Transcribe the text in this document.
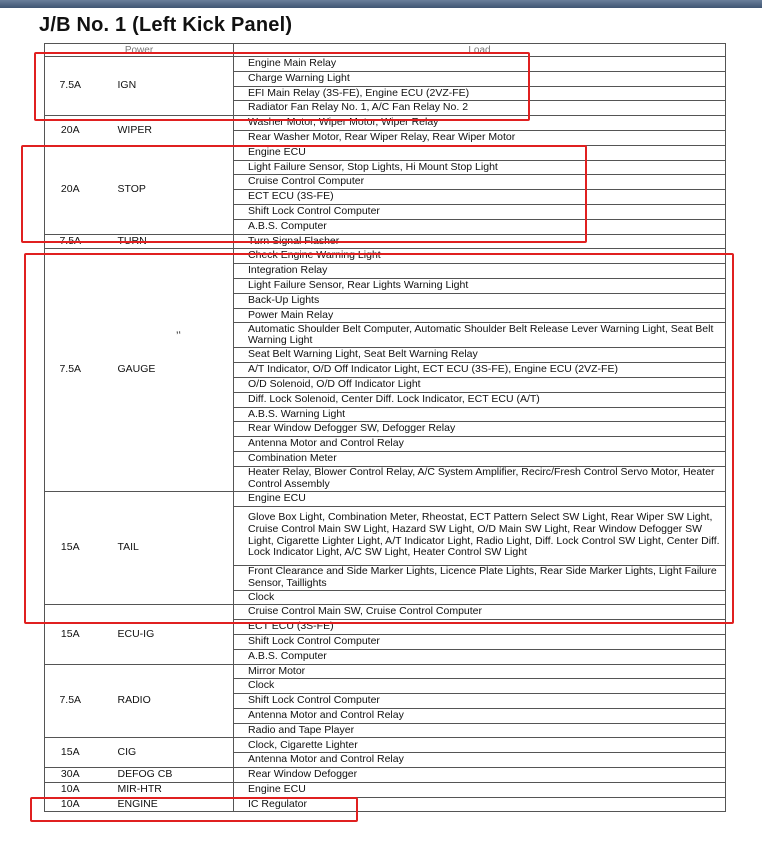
J/B No. 1 (Left Kick Panel)
Power		Load
7.5A	IGN	Engine Main Relay
		Charge Warning Light
		EFI Main Relay (3S-FE), Engine ECU (2VZ-FE)
		Radiator Fan Relay No. 1, A/C Fan Relay No. 2
20A	WIPER	Washer Motor, Wiper Motor, Wiper Relay
		Rear Washer Motor, Rear Wiper Relay, Rear Wiper Motor
20A	STOP	Engine ECU
		Light Failure Sensor, Stop Lights, Hi Mount Stop Light
		Cruise Control Computer
		ECT ECU (3S-FE)
		Shift Lock Control Computer
		A.B.S. Computer
7.5A	TURN	Turn Signal Flasher
7.5A	GAUGE	Check Engine Warning Light
		Integration Relay
		Light Failure Sensor, Rear Lights Warning Light
		Back-Up Lights
		Power Main Relay
		Automatic Shoulder Belt Computer, Automatic Shoulder Belt Release Lever Warning Light, Seat Belt Warning Light
		Seat Belt Warning Light, Seat Belt Warning Relay
		A/T Indicator, O/D Off Indicator Light, ECT ECU (3S-FE), Engine ECU (2VZ-FE)
		O/D Solenoid, O/D Off Indicator Light
		Diff. Lock Solenoid, Center Diff. Lock Indicator, ECT ECU (A/T)
		A.B.S. Warning Light
		Rear Window Defogger SW, Defogger Relay
		Antenna Motor and Control Relay
		Combination Meter
		Heater Relay, Blower Control Relay, A/C System Amplifier, Recirc/Fresh Control Servo Motor, Heater Control Assembly
15A	TAIL	Engine ECU
		Glove Box Light, Combination Meter, Rheostat, ECT Pattern Select SW Light, Rear Wiper SW Light, Cruise Control Main SW Light, Hazard SW Light, O/D Main SW Light, Rear Window Defogger SW Light, Cigarette Lighter Light, A/T Indicator Light, Radio Light, Diff. Lock Control SW Light, Center Diff. Lock Indicator Light, A/C SW Light, Heater Control SW Light
		Front Clearance and Side Marker Lights, Licence Plate Lights, Rear Side Marker Lights, Light Failure Sensor, Taillights
		Clock
15A	ECU-IG	Cruise Control Main SW, Cruise Control Computer
		ECT ECU (3S-FE)
		Shift Lock Control Computer
		A.B.S. Computer
7.5A	RADIO	Mirror Motor
		Clock
		Shift Lock Control Computer
		Antenna Motor and Control Relay
		Radio and Tape Player
15A	CIG	Clock, Cigarette Lighter
		Antenna Motor and Control Relay
30A	DEFOG CB	Rear Window Defogger
10A	MIR-HTR	Engine ECU
10A	ENGINE	IC Regulator
’ʻ
